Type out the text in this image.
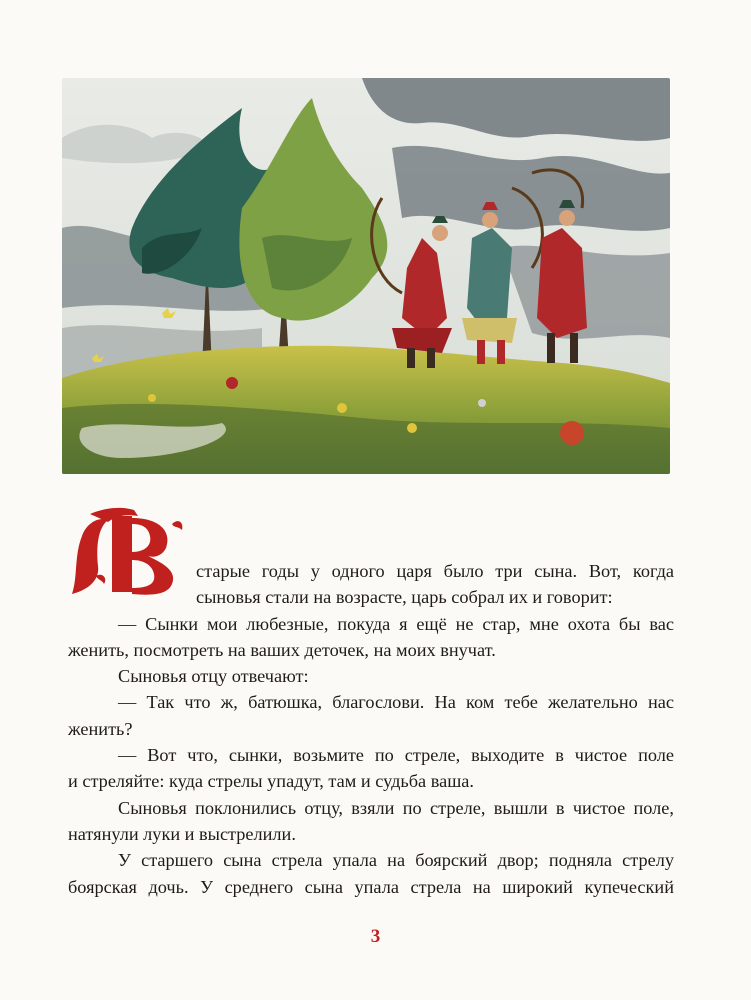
старые годы у одного царя было три сына. Вот, когда
сыновья стали на возрасте, царь собрал их и говорит:
— Сынки мои любезные, покуда я ещё не стар, мне охота бы вас
женить, посмотреть на ваших деточек, на моих внучат.
Сыновья отцу отвечают:
— Так что ж, батюшка, благослови. На ком тебе желательно нас
женить?
— Вот что, сынки, возьмите по стреле, выходите в чистое поле
и стреляйте: куда стрелы упадут, там и судьба ваша.
Сыновья поклонились отцу, взяли по стреле, вышли в чистое поле,
натянули луки и выстрелили.
У старшего сына стрела упала на боярский двор; подняла стрелу
боярская дочь. У среднего сына упала стрела на широкий купеческий
3
